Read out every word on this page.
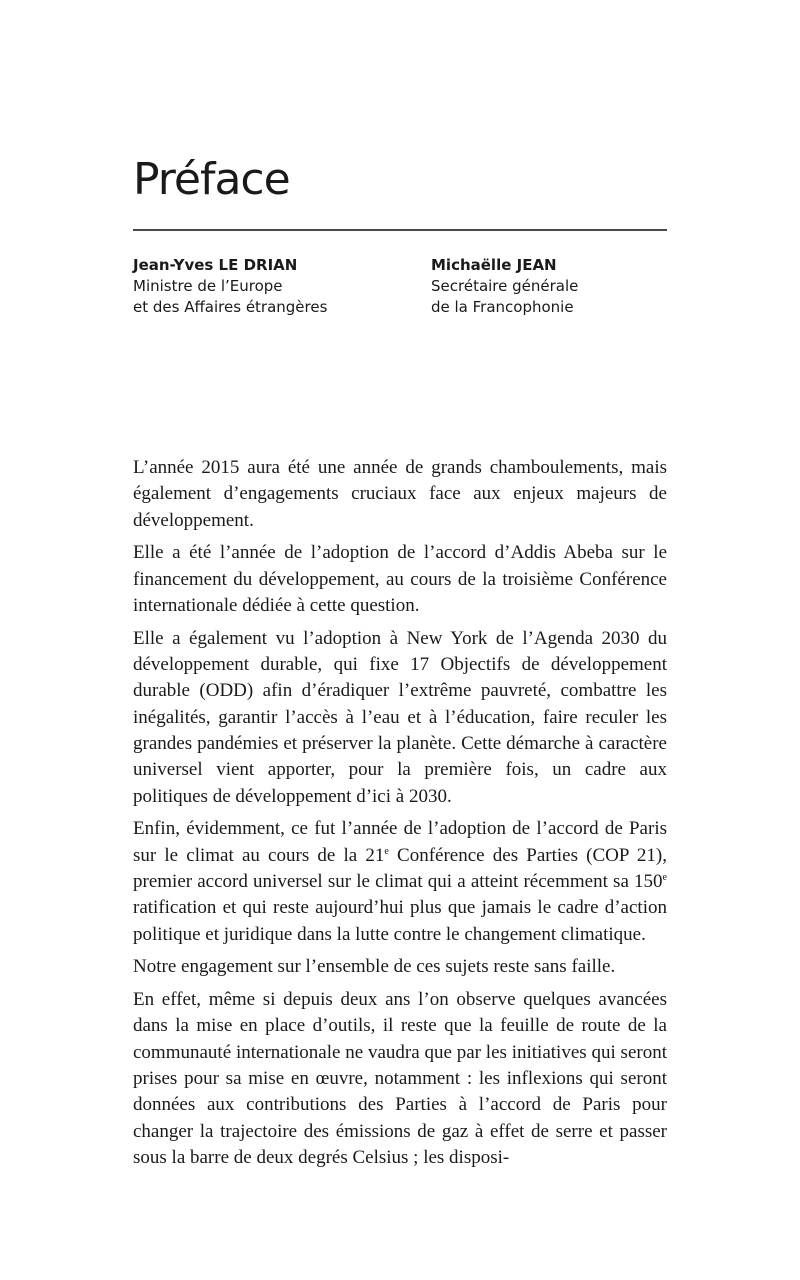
Préface
Jean-Yves LE DRIAN
Ministre de l’Europe
et des Affaires étrangères
Michaëlle JEAN
Secrétaire générale
de la Francophonie

L’année 2015 aura été une année de grands chamboulements, mais également d’engagements cruciaux face aux enjeux majeurs de développement.

Elle a été l’année de l’adoption de l’accord d’Addis Abeba sur le financement du développement, au cours de la troisième Conférence internationale dédiée à cette question.

Elle a également vu l’adoption à New York de l’Agenda 2030 du développement durable, qui fixe 17 Objectifs de développement durable (ODD) afin d’éradiquer l’extrême pauvreté, combattre les inégalités, garantir l’accès à l’eau et à l’éducation, faire reculer les grandes pandémies et préserver la planète. Cette démarche à caractère universel vient apporter, pour la première fois, un cadre aux politiques de développement d’ici à 2030.

Enfin, évidemment, ce fut l’année de l’adoption de l’accord de Paris sur le climat au cours de la 21e Conférence des Parties (COP 21), premier accord universel sur le climat qui a atteint récemment sa 150e ratification et qui reste aujourd’hui plus que jamais le cadre d’action politique et juridique dans la lutte contre le changement climatique.

Notre engagement sur l’ensemble de ces sujets reste sans faille.

En effet, même si depuis deux ans l’on observe quelques avancées dans la mise en place d’outils, il reste que la feuille de route de la communauté internationale ne vaudra que par les initiatives qui seront prises pour sa mise en œuvre, notamment : les inflexions qui seront données aux contributions des Parties à l’accord de Paris pour changer la trajectoire des émissions de gaz à effet de serre et passer sous la barre de deux degrés Celsius ; les disposi-
